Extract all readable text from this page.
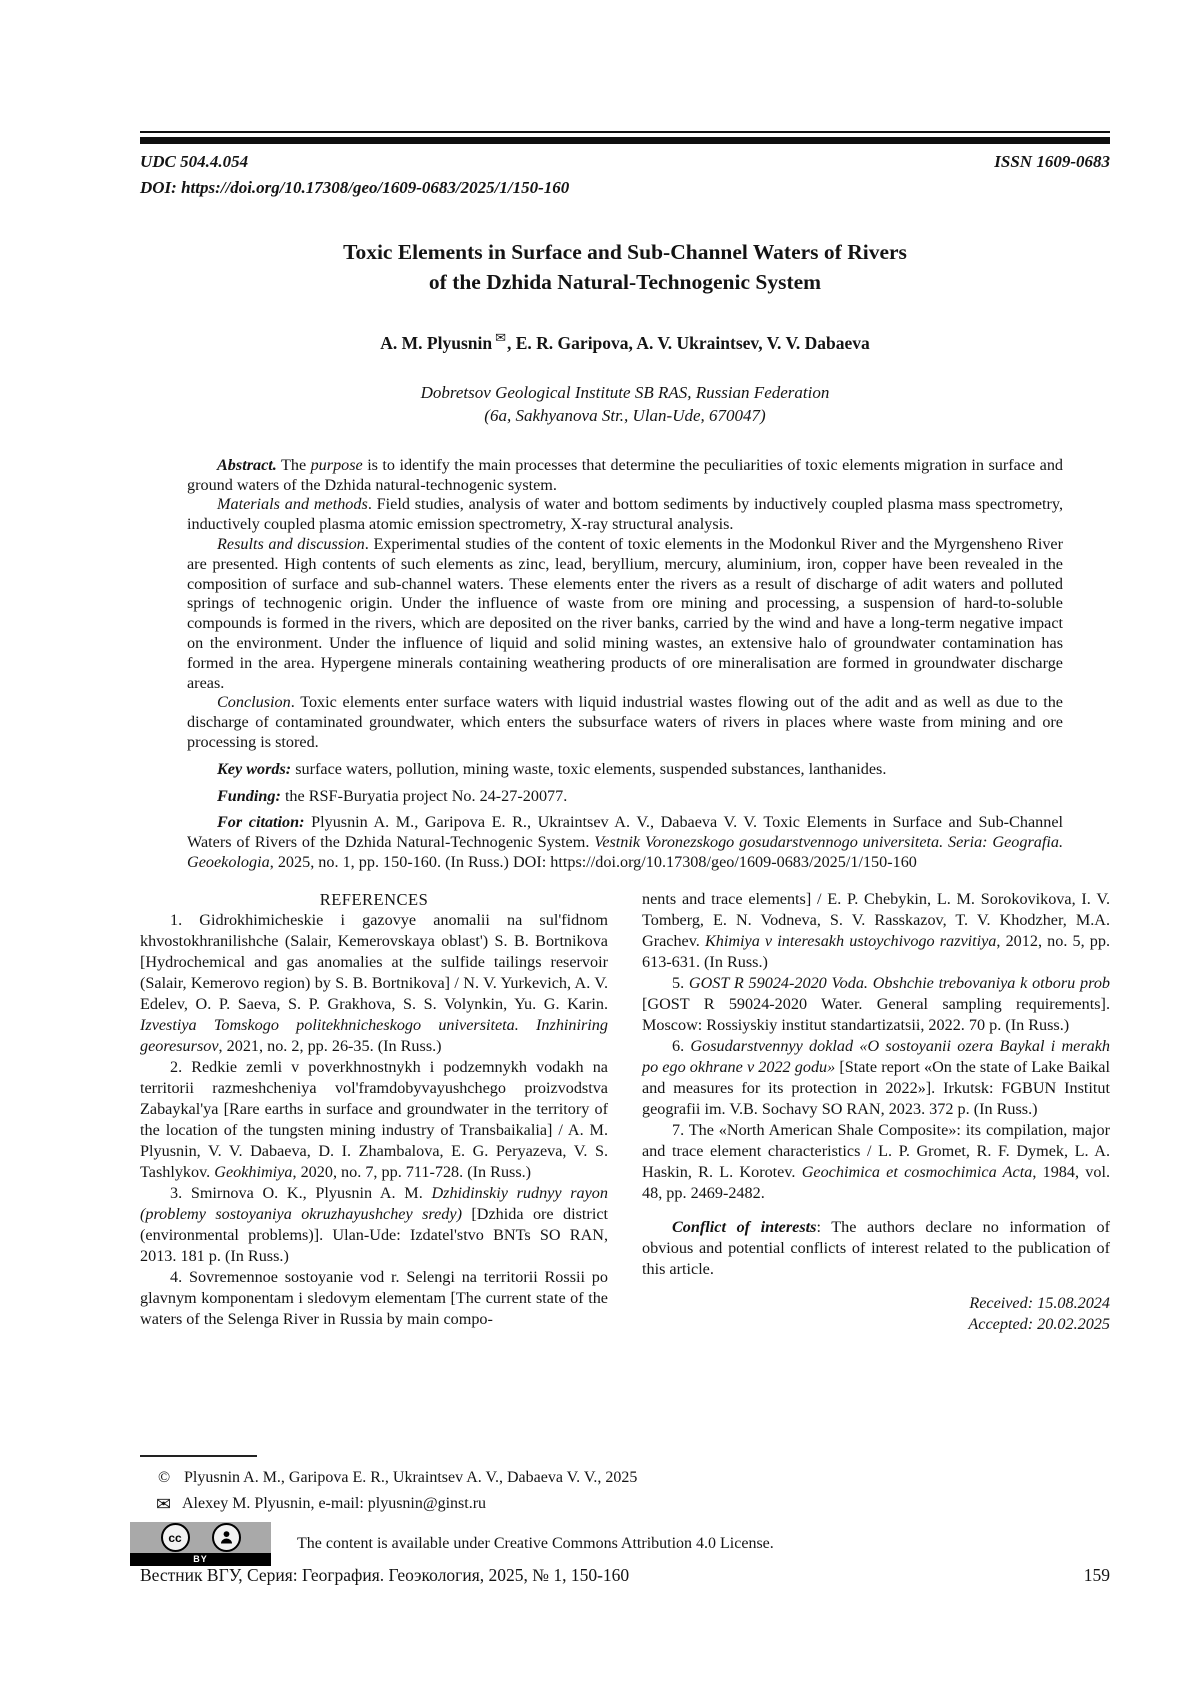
UDC 504.4.054
DOI: https://doi.org/10.17308/geo/1609-0683/2025/1/150-160
ISSN 1609-0683
Toxic Elements in Surface and Sub-Channel Waters of Rivers
of the Dzhida Natural-Technogenic System
A. M. Plyusnin ✉, E. R. Garipova, A. V. Ukraintsev, V. V. Dabaeva
Dobretsov Geological Institute SB RAS, Russian Federation
(6a, Sakhyanova Str., Ulan-Ude, 670047)

Abstract. The purpose is to identify the main processes that determine the peculiarities of toxic elements migration in surface and ground waters of the Dzhida natural-technogenic system.

Materials and methods. Field studies, analysis of water and bottom sediments by inductively coupled plasma mass spectrometry, inductively coupled plasma atomic emission spectrometry, X-ray structural analysis.

Results and discussion. Experimental studies of the content of toxic elements in the Modonkul River and the Myrgensheno River are presented. High contents of such elements as zinc, lead, beryllium, mercury, aluminium, iron, copper have been revealed in the composition of surface and sub-channel waters. These elements enter the rivers as a result of discharge of adit waters and polluted springs of technogenic origin. Under the influence of waste from ore mining and processing, a suspension of hard-to-soluble compounds is formed in the rivers, which are deposited on the river banks, carried by the wind and have a long-term negative impact on the environment. Under the influence of liquid and solid mining wastes, an extensive halo of groundwater contamination has formed in the area. Hypergene minerals containing weathering products of ore mineralisation are formed in groundwater discharge areas.

Conclusion. Toxic elements enter surface waters with liquid industrial wastes flowing out of the adit and as well as due to the discharge of contaminated groundwater, which enters the subsurface waters of rivers in places where waste from mining and ore processing is stored.

Key words: surface waters, pollution, mining waste, toxic elements, suspended substances, lanthanides.

Funding: the RSF-Buryatia project No. 24-27-20077.

For citation: Plyusnin A. M., Garipova E. R., Ukraintsev A. V., Dabaeva V. V. Toxic Elements in Surface and Sub-Channel Waters of Rivers of the Dzhida Natural-Technogenic System. Vestnik Voronezskogo gosudarstvennogo universiteta. Seria: Geografia. Geoekologia, 2025, no. 1, pp. 150-160. (In Russ.) DOI: https://doi.org/10.17308/geo/1609-0683/2025/1/150-160

REFERENCES

1. Gidrokhimicheskie i gazovye anomalii na sul'fidnom khvostokhranilishche (Salair, Kemerovskaya oblast') S. B. Bortnikova [Hydrochemical and gas anomalies at the sulfide tailings reservoir (Salair, Kemerovo region) by S. B. Bortnikova] / N. V. Yurkevich, A. V. Edelev, O. P. Saeva, S. P. Grakhova, S. S. Volynkin, Yu. G. Karin. Izvestiya Tomskogo politekhnicheskogo universiteta. Inzhiniring georesursov, 2021, no. 2, pp. 26-35. (In Russ.)

2. Redkie zemli v poverkhnostnykh i podzemnykh vodakh na territorii razmeshcheniya vol'framdobyvayushchego proizvodstva Zabaykal'ya [Rare earths in surface and groundwater in the territory of the location of the tungsten mining industry of Transbaikalia] / A. M. Plyusnin, V. V. Dabaeva, D. I. Zhambalova, E. G. Peryazeva, V. S. Tashlykov. Geokhimiya, 2020, no. 7, pp. 711-728. (In Russ.)

3. Smirnova O. K., Plyusnin A. M. Dzhidinskiy rudnyy rayon (problemy sostoyaniya okruzhayushchey sredy) [Dzhida ore district (environmental problems)]. Ulan-Ude: Izdatel'stvo BNTs SO RAN, 2013. 181 p. (In Russ.)

4. Sovremennoe sostoyanie vod r. Selengi na territorii Rossii po glavnym komponentam i sledovym elementam [The current state of the waters of the Selenga River in Russia by main compo-

nents and trace elements] / E. P. Chebykin, L. M. Sorokovikova, I. V. Tomberg, E. N. Vodneva, S. V. Rasskazov, T. V. Khodzher, M.A. Grachev. Khimiya v interesakh ustoychivogo razvitiya, 2012, no. 5, pp. 613-631. (In Russ.)

5. GOST R 59024-2020 Voda. Obshchie trebovaniya k otboru prob [GOST R 59024-2020 Water. General sampling requirements]. Moscow: Rossiyskiy institut standartizatsii, 2022. 70 p. (In Russ.)

6. Gosudarstvennyy doklad «O sostoyanii ozera Baykal i merakh po ego okhrane v 2022 godu» [State report «On the state of Lake Baikal and measures for its protection in 2022»]. Irkutsk: FGBUN Institut geografii im. V.B. Sochavy SO RAN, 2023. 372 p. (In Russ.)

7. The «North American Shale Composite»: its compilation, major and trace element characteristics / L. P. Gromet, R. F. Dymek, L. A. Haskin, R. L. Korotev. Geochimica et cosmochimica Acta, 1984, vol. 48, pp. 2469-2482.

Conflict of interests: The authors declare no information of obvious and potential conflicts of interest related to the publication of this article.

Received: 15.08.2024
Accepted: 20.02.2025
© Plyusnin A. M., Garipova E. R., Ukraintsev A. V., Dabaeva V. V., 2025
✉ Alexey M. Plyusnin, e-mail: plyusnin@ginst.ru
cc
BY
The content is available under Creative Commons Attribution 4.0 License.
Вестник ВГУ, Серия: География. Геоэкология, 2025, № 1, 150-160	159
